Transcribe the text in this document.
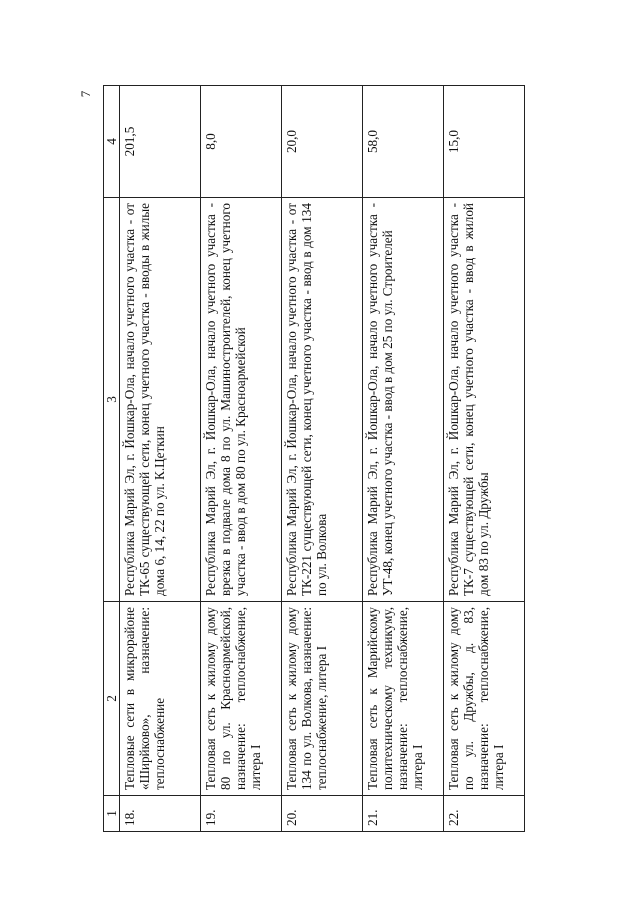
7
1	2	3	4
18.	Тепловые сети в микрорайоне «Ширйково», назначение: теплоснабжение	Республика Марий Эл, г. Йошкар-Ола, начало учетного участка - от ТК-65 существующей сети, конец учетного участка - вводы в жилые дома 6, 14, 22 по ул. К.Цеткин	201,5
19.	Тепловая сеть к жилому дому 80 по ул. Красноармейской, назначение: теплоснабжение, литера I	Республика Марий Эл, г. Йошкар-Ола, начало учетного участка - врезка в подвале дома 8 по ул. Машиностроителей, конец учетного участка - ввод в дом 80 по ул. Красноармейской	8,0
20.	Тепловая сеть к жилому дому 134 по ул. Волкова, назначение: теплоснабжение, литера I	Республика Марий Эл, г. Йошкар-Ола, начало учетного участка - от ТК-221 существующей сети, конец учетного участка - ввод в дом 134 по ул. Волкова	20,0
21.	Тепловая сеть к Марийскому политехническому техникуму, назначение: теплоснабжение, литера I	Республика Марий Эл, г. Йошкар-Ола, начало учетного участка - УТ-48, конец учетного участка - ввод в дом 25 по ул. Строителей	58,0
22.	Тепловая сеть к жилому дому по ул. Дружбы, д. 83, назначение: теплоснабжение, литера I	Республика Марий Эл, г. Йошкар-Ола, начало учетного участка - ТК-7 существующей сети, конец учетного участка - ввод в жилой дом 83 по ул. Дружбы	15,0
